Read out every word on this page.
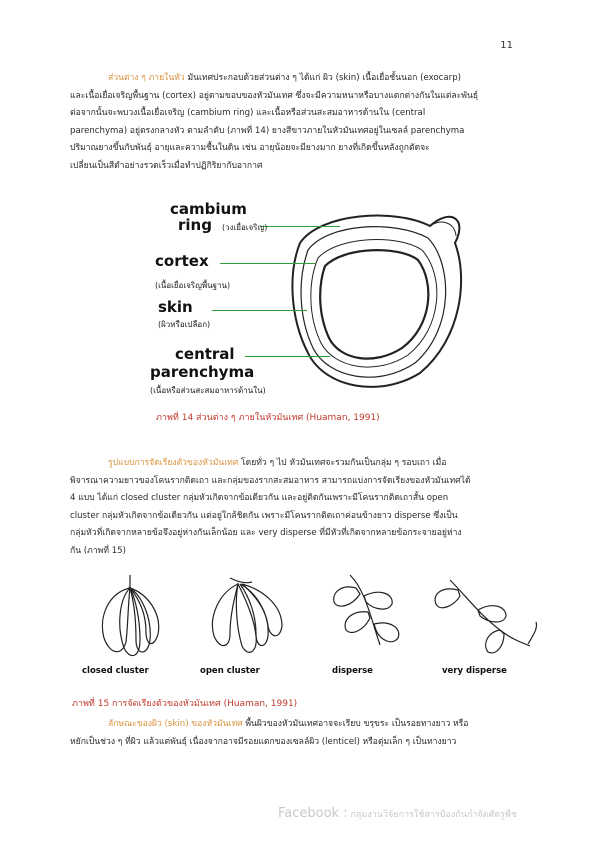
11
ส่วนต่าง ๆ ภายในหัว มันเทศประกอบด้วยส่วนต่าง ๆ ได้แก่ ผิว (skin) เนื้อเยื่อชั้นนอก (exocarp)
และเนื้อเยื่อเจริญพื้นฐาน (cortex) อยู่ตามขอบของหัวมันเทศ ซึ่งจะมีความหนาหรือบางแตกต่างกันในแต่ละพันธุ์
ต่อจากนั้นจะพบวงเนื้อเยื่อเจริญ (cambium ring) และเนื้อหรือส่วนสะสมอาหารด้านใน (central
parenchyma) อยู่ตรงกลางหัว ตามลำดับ (ภาพที่ 14) ยางสีขาวภายในหัวมันเทศอยู่ในเซลล์ parenchyma
ปริมาณยางขึ้นกับพันธุ์ อายุและความชื้นในดิน เช่น อายุน้อยจะมียางมาก ยางที่เกิดขึ้นหลังถูกตัดจะ
เปลี่ยนเป็นสีดำอย่างรวดเร็วเมื่อทำปฏิกิริยากับอากาศ
cambium
ring (วงเยื่อเจริญ)
cortex
(เนื้อเยื่อเจริญพื้นฐาน)
skin
(ผิวหรือเปลือก)
central
parenchyma
(เนื้อหรือส่วนสะสมอาหารด้านใน)
ภาพที่ 14 ส่วนต่าง ๆ ภายในหัวมันเทศ (Huaman, 1991)
รูปแบบการจัดเรียงตัวของหัวมันเทศ โดยทั่ว ๆ ไป หัวมันเทศจะรวมกันเป็นกลุ่ม ๆ รอบเถา เมื่อ
พิจารณาความยาวของโคนรากติดเถา และกลุ่มของรากสะสมอาหาร สามารถแบ่งการจัดเรียงของหัวมันเทศได้
4 แบบ ได้แก่ closed cluster กลุ่มหัวเกิดจากข้อเดียวกัน และอยู่ติดกันเพราะมีโคนรากติดเถาสั้น open
cluster กลุ่มหัวเกิดจากข้อเดียวกัน แต่อยู่ใกล้ชิดกัน เพราะมีโคนรากติดเถาค่อนข้างยาว disperse ซึ่งเป็น
กลุ่มหัวที่เกิดจากหลายข้อจึงอยู่ห่างกันเล็กน้อย และ very disperse ที่มีหัวที่เกิดจากหลายข้อกระจายอยู่ห่าง
กัน (ภาพที่ 15)
closed cluster	open cluster	disperse	very disperse
ภาพที่ 15 การจัดเรียงตัวของหัวมันเทศ (Huaman, 1991)
ลักษณะของผิว (skin) ของหัวมันเทศ พื้นผิวของหัวมันเทศอาจจะเรียบ ขรุขระ เป็นรอยทางยาว หรือ
หยักเป็นช่วง ๆ ที่ผิว แล้วแต่พันธุ์ เนื่องจากอาจมีรอยแตกของเซลล์ผิว (lenticel) หรือตุ่มเล็ก ๆ เป็นทางยาว
Facebook : กลุ่มงานวิจัยการใช้สารป้องกันกำจัดศัตรูพืช
